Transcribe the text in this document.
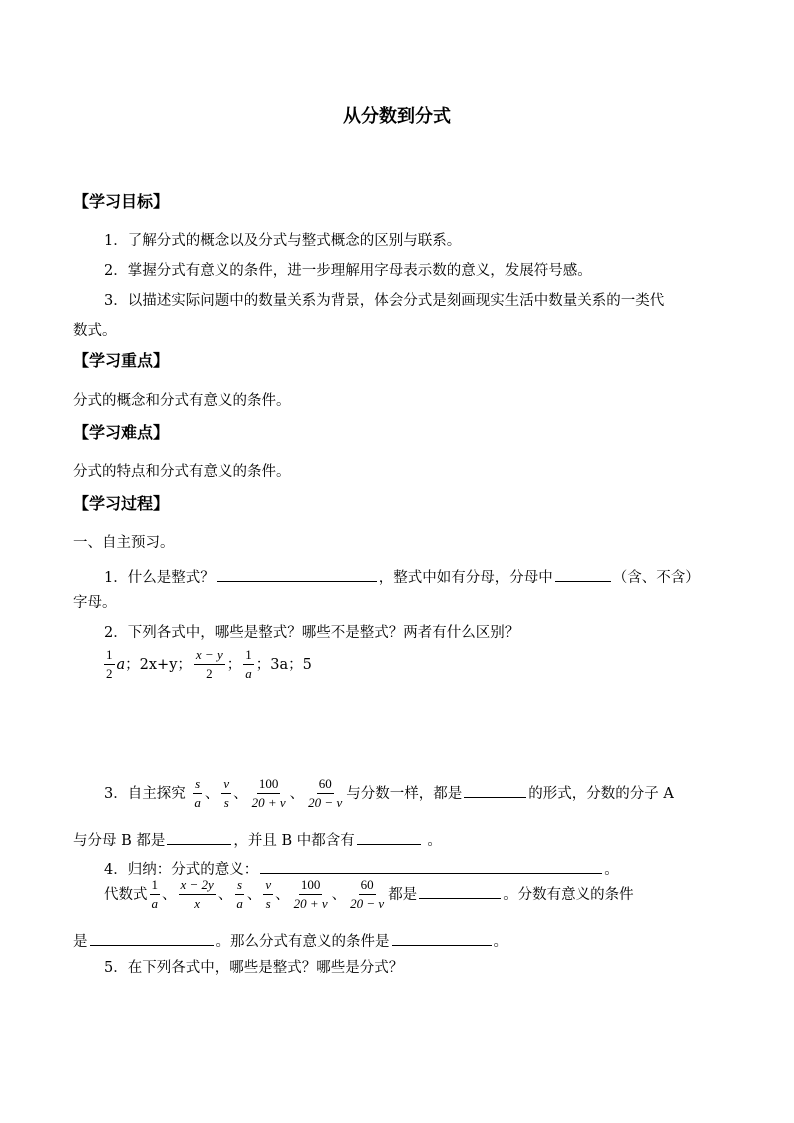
从分数到分式
【学习目标】
1．了解分式的概念以及分式与整式概念的区别与联系。
2．掌握分式有意义的条件，进一步理解用字母表示数的意义，发展符号感。
3．以描述实际问题中的数量关系为背景，体会分式是刻画现实生活中数量关系的一类代
数式。
【学习重点】
分式的概念和分式有意义的条件。
【学习难点】
分式的特点和分式有意义的条件。
【学习过程】
一、自主预习。
1．什么是整式？	，整式中如有分母，分母中	（含、不含）
字母。
2．下列各式中，哪些是整式？哪些不是整式？两者有什么区别？
$\frac{1}{2}$ a；2x+y； $\frac{x - y}{2}$ ； $\frac{1}{a}$ ；3a；5
3．自主探究 $\frac{s}{a}$ 、 $\frac{v}{s}$ 、 $\frac{100}{20 + v}$ 、 $\frac{60}{20 - v}$ 与分数一样，都是	的形式，分数的分子 A
与分母 B 都是	，并且 B 中都含有	。
4．归纳：分式的意义：	。
代数式 $\frac{1}{a}$ 、 $\frac{x - 2y}{x}$ 、 $\frac{s}{a}$ 、 $\frac{v}{s}$ 、 $\frac{100}{20 + v}$ 、 $\frac{60}{20 - v}$ 都是	。分数有意义的条件
是	。那么分式有意义的条件是	。
5．在下列各式中，哪些是整式？哪些是分式？
